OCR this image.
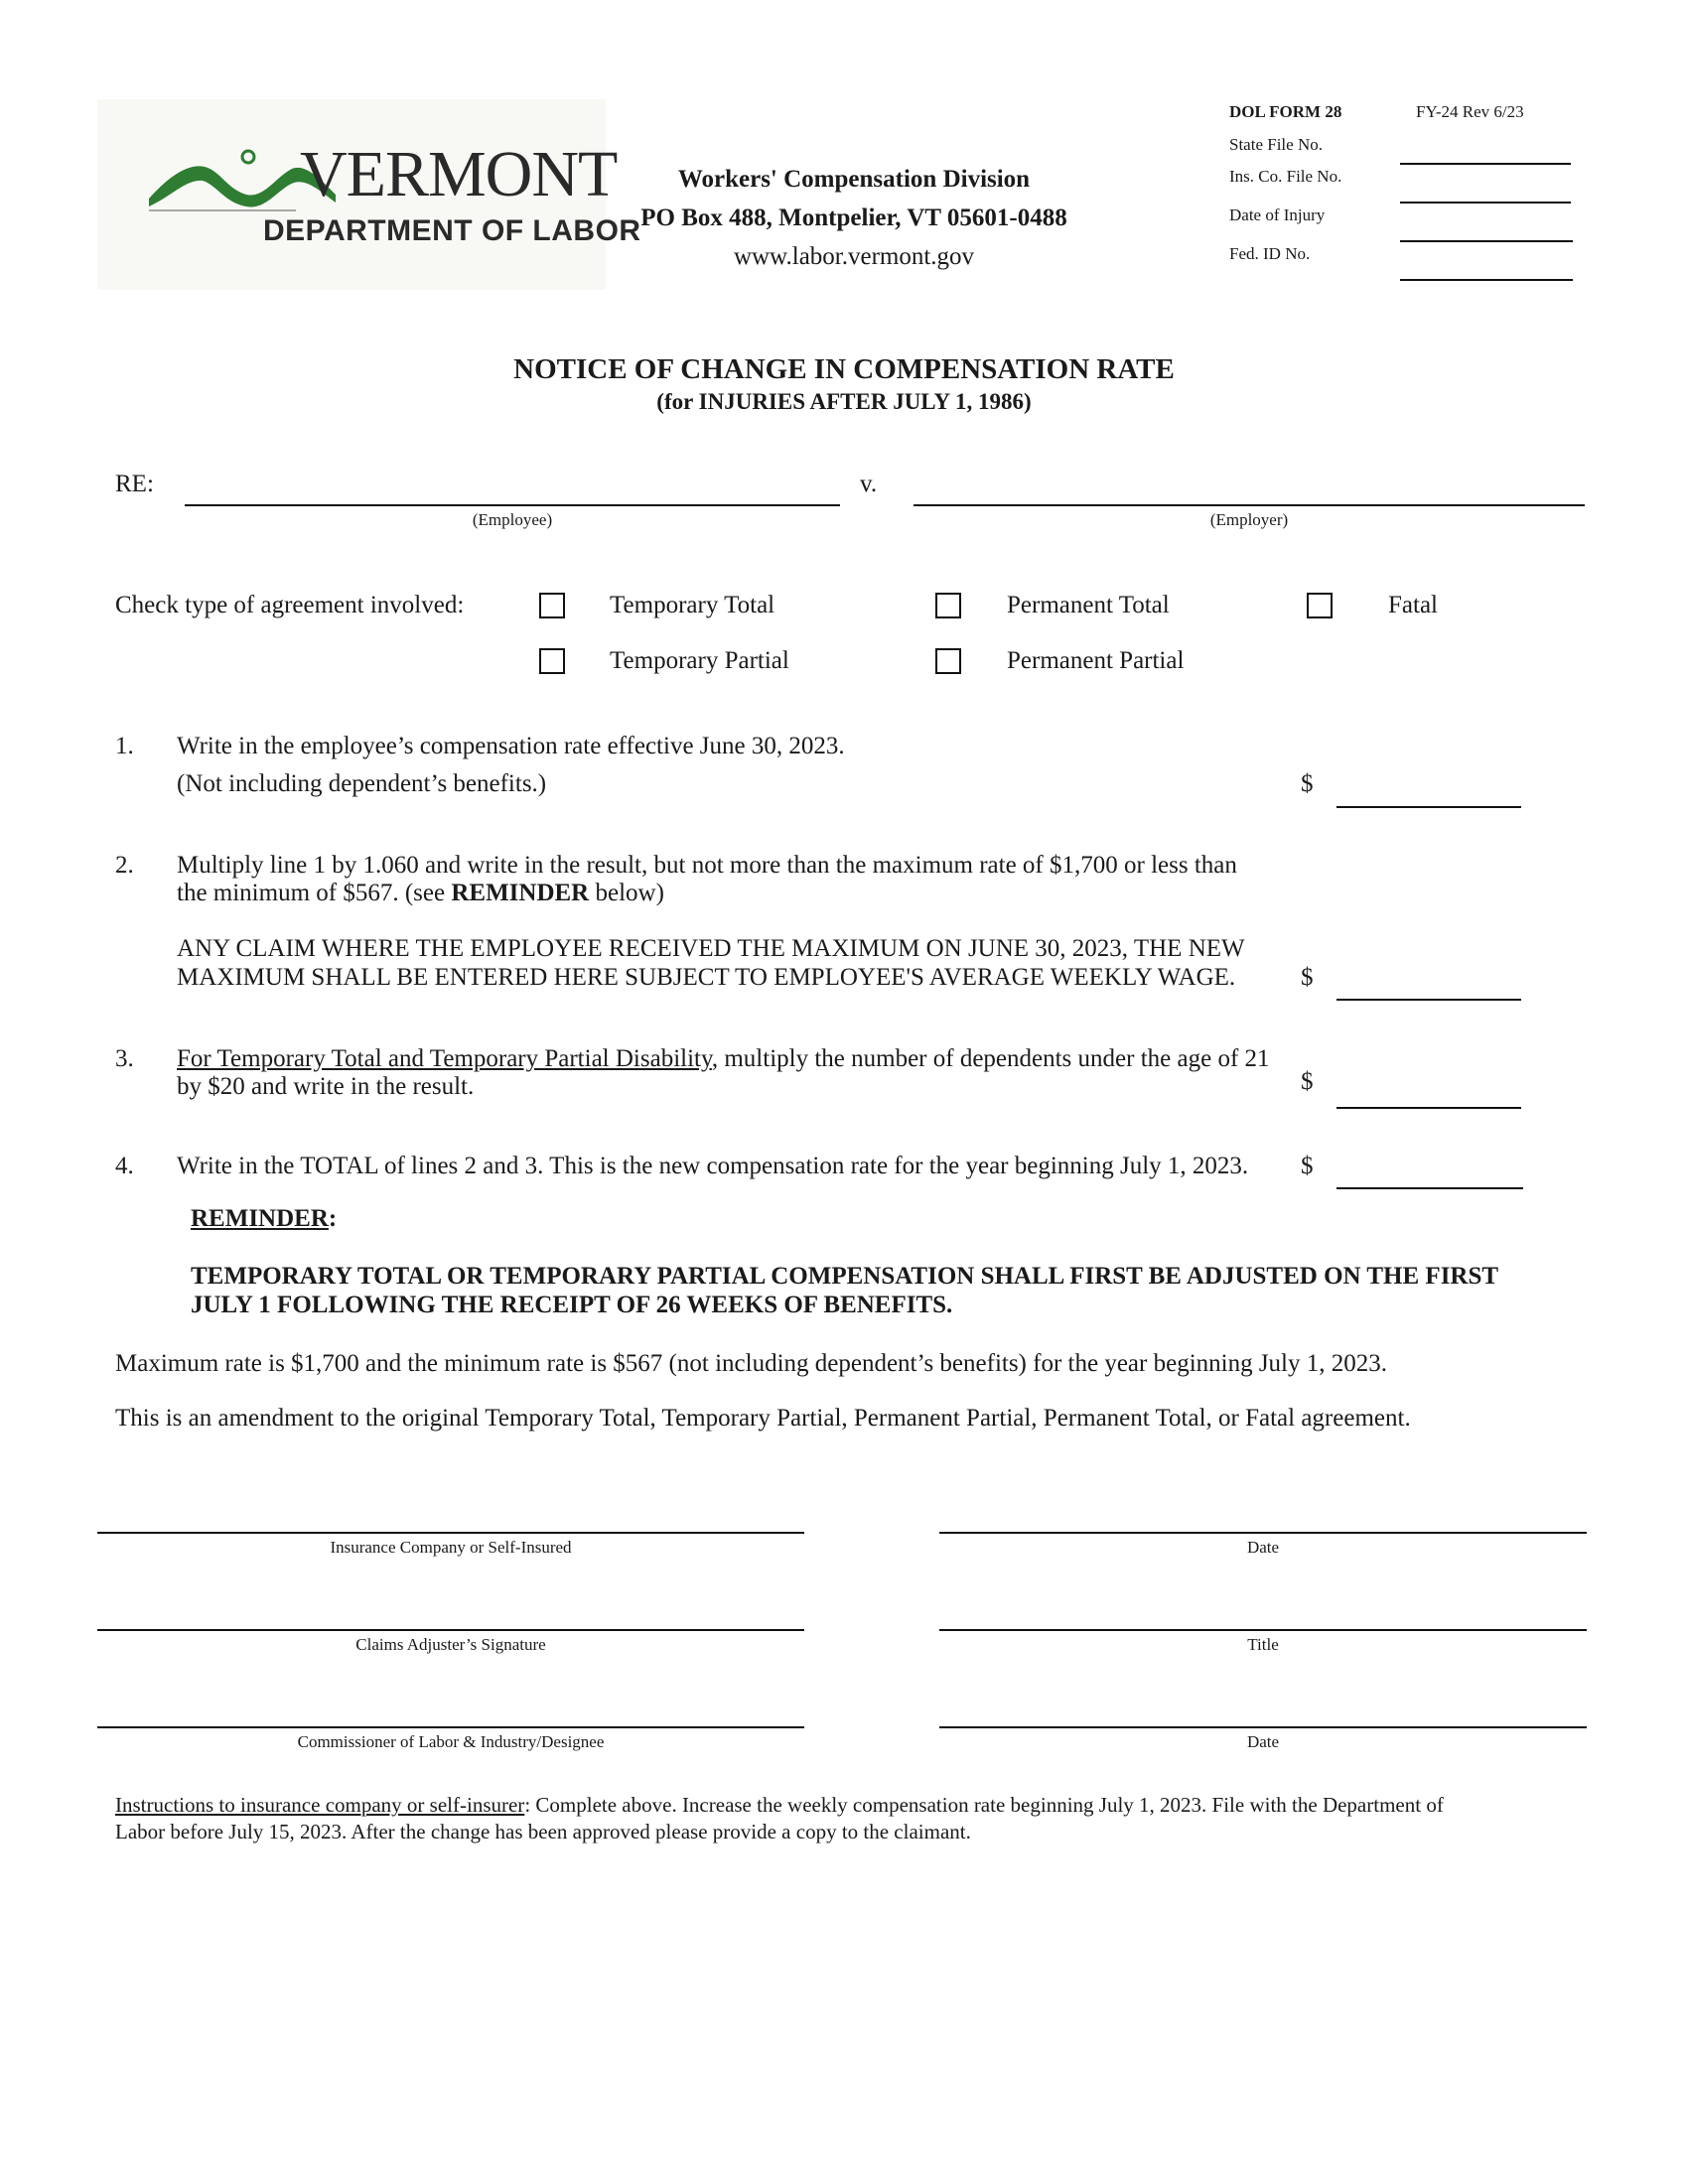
VERMONT
DEPARTMENT OF LABOR
Workers' Compensation Division
PO Box 488, Montpelier, VT 05601-0488
www.labor.vermont.gov
DOL FORM 28	FY-24 Rev 6/23
State File No.
Ins. Co. File No.
Date of Injury
Fed. ID No.
NOTICE OF CHANGE IN COMPENSATION RATE
(for INJURIES AFTER JULY 1, 1986)
RE:
(Employee)
v.
(Employer)
Check type of agreement involved:	Temporary Total	Permanent Total	Fatal
Temporary Partial	Permanent Partial
1. Write in the employee’s compensation rate effective June 30, 2023.
(Not including dependent’s benefits.)	$
2. Multiply line 1 by 1.060 and write in the result, but not more than the maximum rate of $1,700 or less than
the minimum of $567. (see REMINDER below)
ANY CLAIM WHERE THE EMPLOYEE RECEIVED THE MAXIMUM ON JUNE 30, 2023, THE NEW
MAXIMUM SHALL BE ENTERED HERE SUBJECT TO EMPLOYEE'S AVERAGE WEEKLY WAGE.	$
3. For Temporary Total and Temporary Partial Disability, multiply the number of dependents under the age of 21
by $20 and write in the result.	$
4. Write in the TOTAL of lines 2 and 3. This is the new compensation rate for the year beginning July 1, 2023. $
REMINDER:
TEMPORARY TOTAL OR TEMPORARY PARTIAL COMPENSATION SHALL FIRST BE ADJUSTED ON THE FIRST
JULY 1 FOLLOWING THE RECEIPT OF 26 WEEKS OF BENEFITS.
Maximum rate is $1,700 and the minimum rate is $567 (not including dependent’s benefits) for the year beginning July 1, 2023.
This is an amendment to the original Temporary Total, Temporary Partial, Permanent Partial, Permanent Total, or Fatal agreement.
Insurance Company or Self-Insured	Date
Claims Adjuster’s Signature	Title
Commissioner of Labor & Industry/Designee	Date
Instructions to insurance company or self-insurer: Complete above. Increase the weekly compensation rate beginning July 1, 2023. File with the Department of
Labor before July 15, 2023. After the change has been approved please provide a copy to the claimant.
